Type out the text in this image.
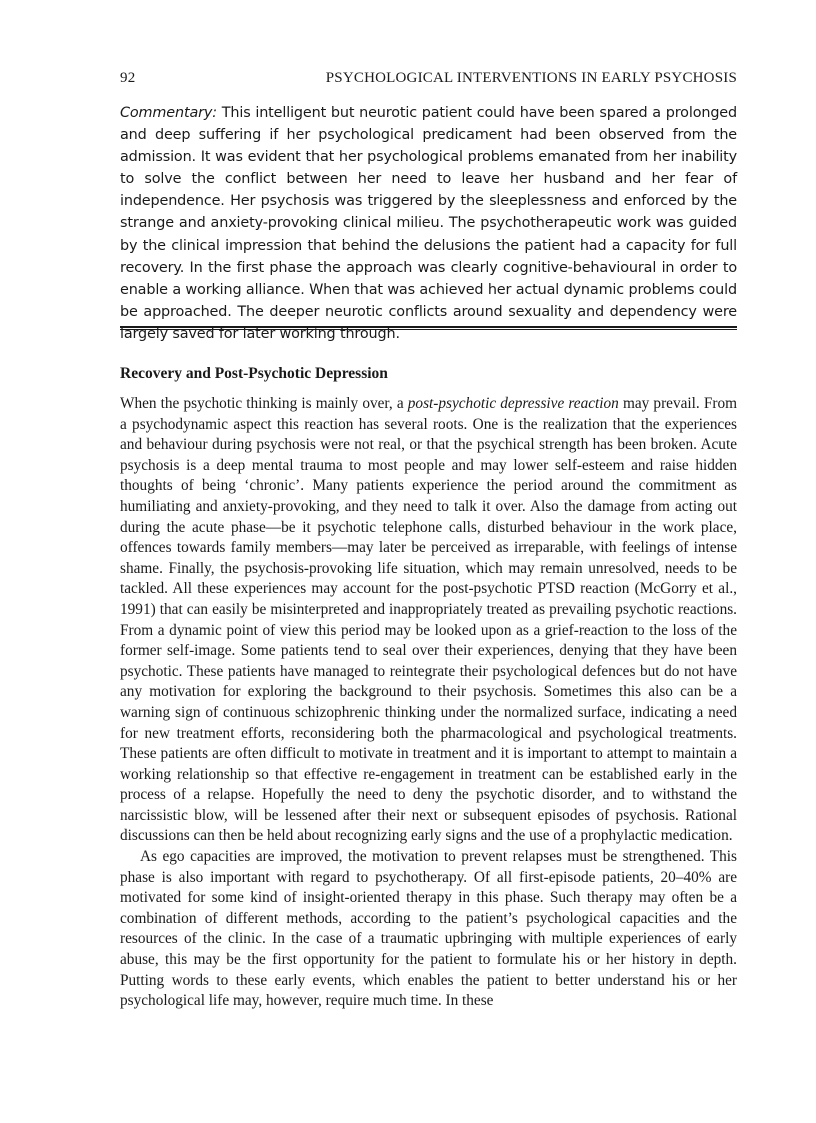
92	PSYCHOLOGICAL INTERVENTIONS IN EARLY PSYCHOSIS
Commentary: This intelligent but neurotic patient could have been spared a prolonged and deep suffering if her psychological predicament had been observed from the admission. It was evident that her psychological problems emanated from her inability to solve the conflict between her need to leave her husband and her fear of independence. Her psychosis was triggered by the sleeplessness and enforced by the strange and anxiety-provoking clinical milieu. The psychotherapeutic work was guided by the clinical impression that behind the delusions the patient had a capacity for full recovery. In the first phase the approach was clearly cognitive-behavioural in order to enable a working alliance. When that was achieved her actual dynamic problems could be approached. The deeper neurotic conflicts around sexuality and dependency were largely saved for later working through.
Recovery and Post-Psychotic Depression

When the psychotic thinking is mainly over, a post-psychotic depressive reaction may prevail. From a psychodynamic aspect this reaction has several roots. One is the realization that the experiences and behaviour during psychosis were not real, or that the psychical strength has been broken. Acute psychosis is a deep mental trauma to most people and may lower self-esteem and raise hidden thoughts of being ‘chronic’. Many patients experience the period around the commitment as humiliating and anxiety-provoking, and they need to talk it over. Also the damage from acting out during the acute phase—be it psychotic telephone calls, disturbed behaviour in the work place, offences towards family members—may later be perceived as irreparable, with feelings of intense shame. Finally, the psychosis-provoking life situation, which may remain unresolved, needs to be tackled. All these experiences may account for the post-psychotic PTSD reaction (McGorry et al., 1991) that can easily be misinterpreted and inappropriately treated as prevailing psychotic reactions. From a dynamic point of view this period may be looked upon as a grief-reaction to the loss of the former self-image. Some patients tend to seal over their experiences, denying that they have been psychotic. These patients have managed to reintegrate their psychological defences but do not have any motivation for exploring the background to their psychosis. Sometimes this also can be a warning sign of continuous schizophrenic thinking under the normalized surface, indicating a need for new treatment efforts, reconsidering both the pharmacological and psychological treatments. These patients are often difficult to motivate in treatment and it is important to attempt to maintain a working relationship so that effective re-engagement in treatment can be established early in the process of a relapse. Hopefully the need to deny the psychotic disorder, and to withstand the narcissistic blow, will be lessened after their next or subsequent episodes of psychosis. Rational discussions can then be held about recognizing early signs and the use of a prophylactic medication.

As ego capacities are improved, the motivation to prevent relapses must be strengthened. This phase is also important with regard to psychotherapy. Of all first-episode patients, 20–40% are motivated for some kind of insight-oriented therapy in this phase. Such therapy may often be a combination of different methods, according to the patient’s psychological capacities and the resources of the clinic. In the case of a traumatic upbringing with multiple experiences of early abuse, this may be the first opportunity for the patient to formulate his or her history in depth. Putting words to these early events, which enables the patient to better understand his or her psychological life may, however, require much time. In these
